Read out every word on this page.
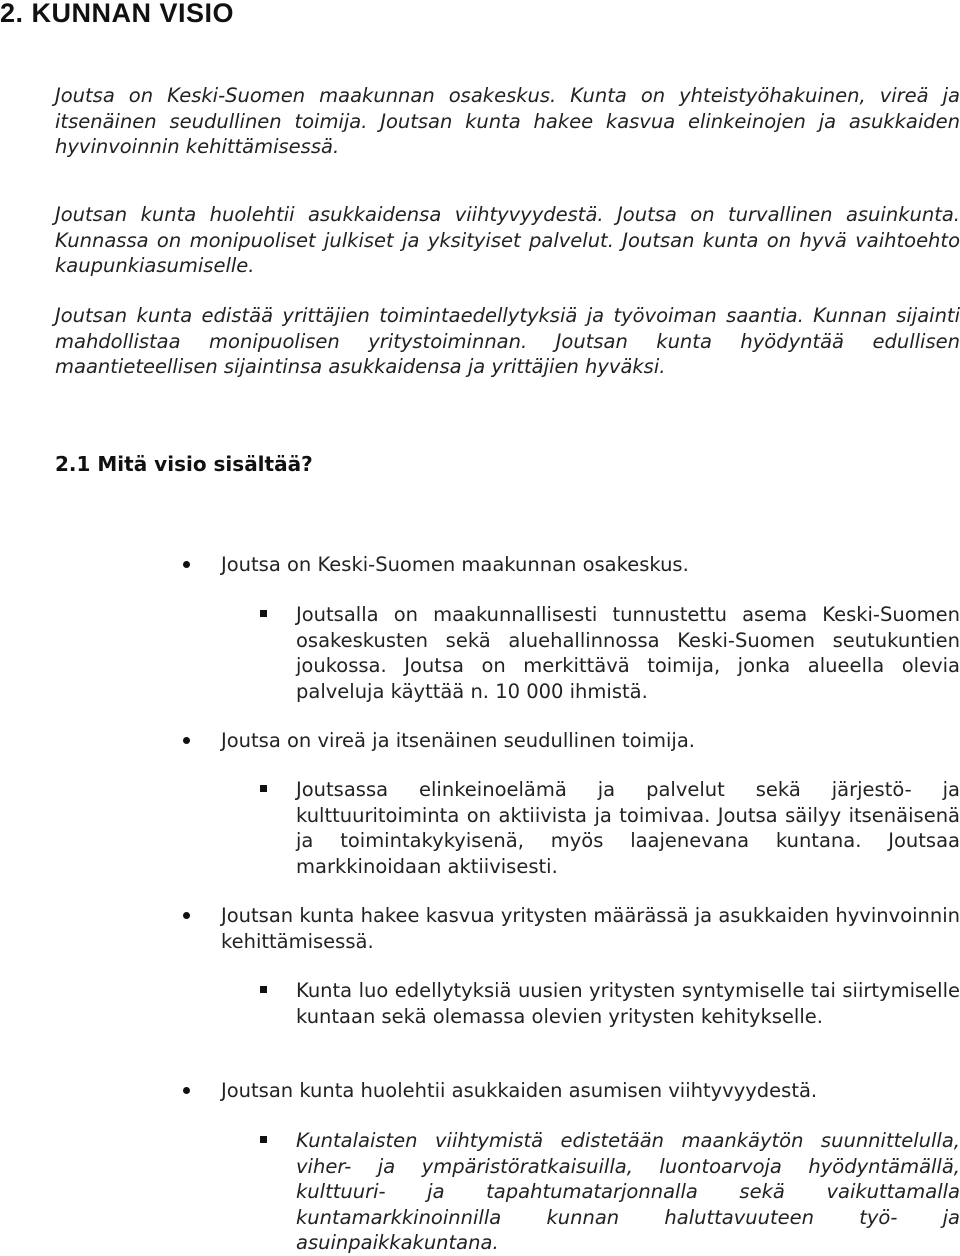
2. KUNNAN VISIO

Joutsa on Keski-Suomen maakunnan osakeskus. Kunta on yhteistyöhakuinen, vireä ja itsenäinen seudullinen toimija. Joutsan kunta hakee kasvua elinkeinojen ja asukkaiden hyvinvoinnin kehittämisessä.

Joutsan kunta huolehtii asukkaidensa viihtyvyydestä. Joutsa on turvallinen asuinkunta. Kunnassa on monipuoliset julkiset ja yksityiset palvelut. Joutsan kunta on hyvä vaihtoehto kaupunkiasumiselle.

Joutsan kunta edistää yrittäjien toimintaedellytyksiä ja työvoiman saantia. Kunnan sijainti mahdollistaa monipuolisen yritystoiminnan. Joutsan kunta hyödyntää edullisen maantieteellisen sijaintinsa asukkaidensa ja yrittäjien hyväksi.

2.1 Mitä visio sisältää?

Joutsa on Keski-Suomen maakunnan osakeskus.

Joutsalla on maakunnallisesti tunnustettu asema Keski-Suomen osakeskusten sekä aluehallinnossa Keski-Suomen seutukuntien joukossa. Joutsa on merkittävä toimija, jonka alueella olevia palveluja käyttää n. 10 000 ihmistä.

Joutsa on vireä ja itsenäinen seudullinen toimija.

Joutsassa elinkeinoelämä ja palvelut sekä järjestö- ja kulttuuritoiminta on aktiivista ja toimivaa. Joutsa säilyy itsenäisenä ja toimintakykyisenä, myös laajenevana kuntana. Joutsaa markkinoidaan aktiivisesti.

Joutsan kunta hakee kasvua yritysten määrässä ja asukkaiden hyvinvoinnin kehittämisessä.

Kunta luo edellytyksiä uusien yritysten syntymiselle tai siirtymiselle kuntaan sekä olemassa olevien yritysten kehitykselle.

Joutsan kunta huolehtii asukkaiden asumisen viihtyvyydestä.

Kuntalaisten viihtymistä edistetään maankäytön suunnittelulla, viher- ja ympäristöratkaisuilla, luontoarvoja hyödyntämällä, kulttuuri- ja tapahtumatarjonnalla sekä vaikuttamalla kuntamarkkinoinnilla kunnan haluttavuuteen työ- ja asuinpaikkakuntana.
